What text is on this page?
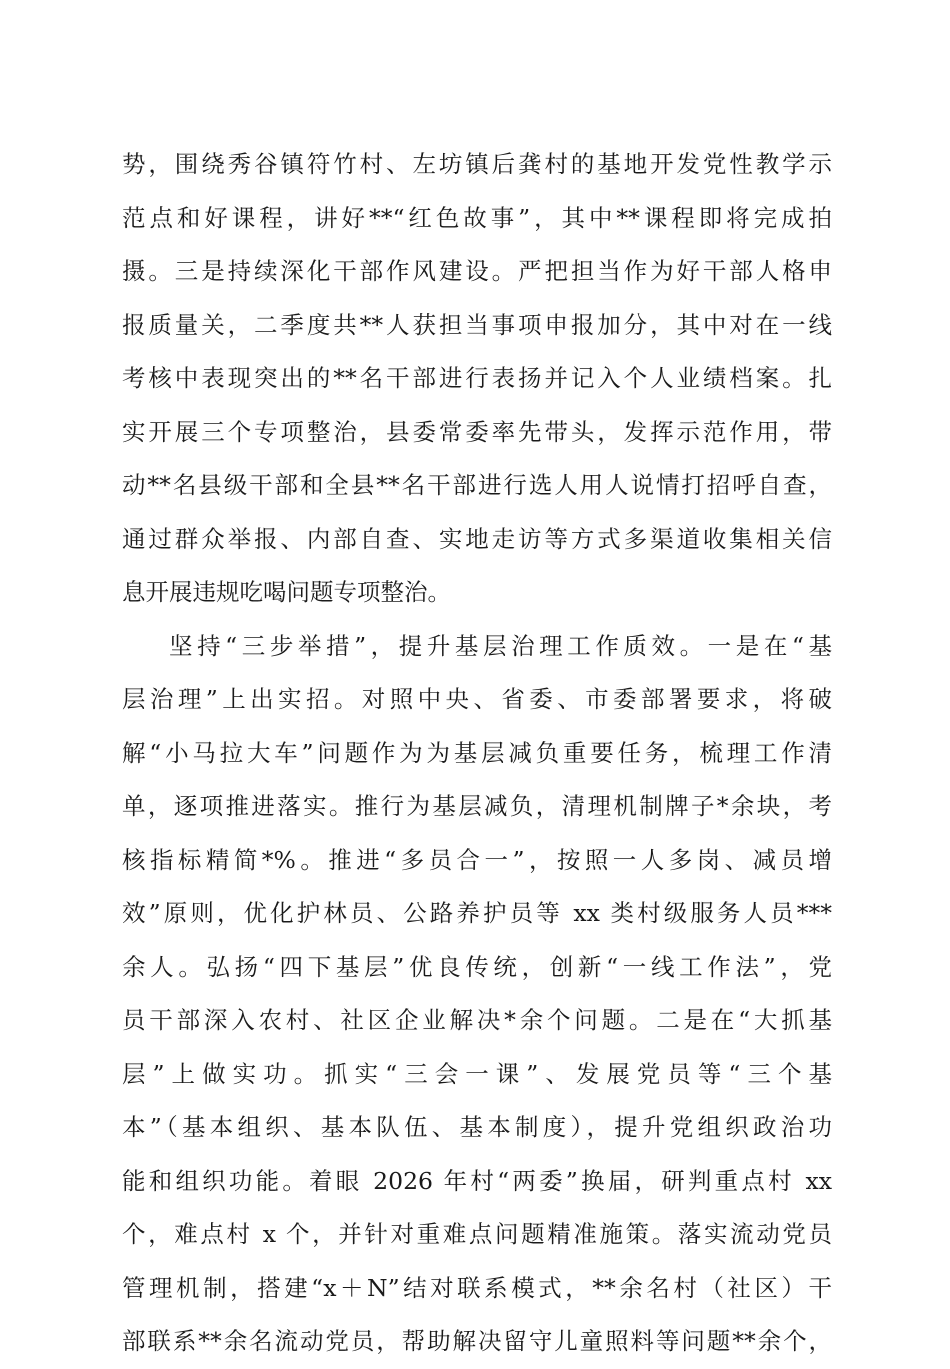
势，围绕秀谷镇符竹村、左坊镇后龚村的基地开发党性教学示
范点和好课程，讲好**“红色故事”，其中**课程即将完成拍
摄。三是持续深化干部作风建设。严把担当作为好干部人格申
报质量关，二季度共**人获担当事项申报加分，其中对在一线
考核中表现突出的**名干部进行表扬并记入个人业绩档案。扎
实开展三个专项整治，县委常委率先带头，发挥示范作用，带
动**名县级干部和全县**名干部进行选人用人说情打招呼自查，
通过群众举报、内部自查、实地走访等方式多渠道收集相关信
息开展违规吃喝问题专项整治。
坚持“三步举措”，提升基层治理工作质效。一是在“基
层治理”上出实招。对照中央、省委、市委部署要求，将破
解“小马拉大车”问题作为为基层减负重要任务，梳理工作清
单，逐项推进落实。推行为基层减负，清理机制牌子*余块，考
核指标精简*%。推进“多员合一”，按照一人多岗、减员增
效”原则，优化护林员、公路养护员等 xx 类村级服务人员***
余人。弘扬“四下基层”优良传统，创新“一线工作法”，党
员干部深入农村、社区企业解决*余个问题。二是在“大抓基
层”上做实功。抓实“三会一课”、发展党员等“三个基
本”（基本组织、基本队伍、基本制度），提升党组织政治功
能和组织功能。着眼 2026 年村“两委”换届，研判重点村 xx
个，难点村 x 个，并针对重难点问题精准施策。落实流动党员
管理机制，搭建“x＋N”结对联系模式，**余名村（社区）干
部联系**余名流动党员，帮助解决留守儿童照料等问题**余个，
